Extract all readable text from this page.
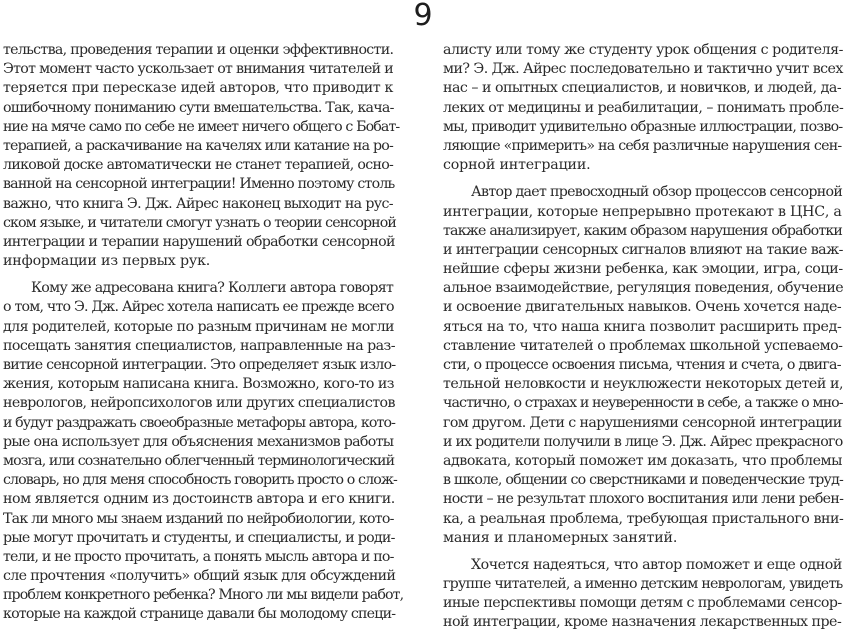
9
тельства, проведения терапии и оценки эффективности.
Этот момент часто ускользает от внимания читателей и
теряется при пересказе идей авторов, что приводит к
ошибочному пониманию сути вмешательства. Так, кача-
ние на мяче само по себе не имеет ничего общего с Бобат-
терапией, а раскачивание на качелях или катание на ро-
ликовой доске автоматически не станет терапией, осно-
ванной на сенсорной интеграции! Именно поэтому столь
важно, что книга Э. Дж. Айрес наконец выходит на рус-
ском языке, и читатели смогут узнать о теории сенсорной
интеграции и терапии нарушений обработки сенсорной
информации из первых рук.
Кому же адресована книга? Коллеги автора говорят
о том, что Э. Дж. Айрес хотела написать ее прежде всего
для родителей, которые по разным причинам не могли
посещать занятия специалистов, направленные на раз-
витие сенсорной интеграции. Это определяет язык изло-
жения, которым написана книга. Возможно, кого-то из
неврологов, нейропсихологов или других специалистов
и будут раздражать своеобразные метафоры автора, кото-
рые она использует для объяснения механизмов работы
мозга, или сознательно облегченный терминологический
словарь, но для меня способность говорить просто о слож-
ном является одним из достоинств автора и его книги.
Так ли много мы знаем изданий по нейробиологии, кото-
рые могут прочитать и студенты, и специалисты, и роди-
тели, и не просто прочитать, а понять мысль автора и по-
сле прочтения «получить» общий язык для обсуждений
проблем конкретного ребенка? Много ли мы видели работ,
которые на каждой странице давали бы молодому специ-
алисту или тому же студенту урок общения с родителя-
ми? Э. Дж. Айрес последовательно и тактично учит всех
нас – и опытных специалистов, и новичков, и людей, да-
леких от медицины и реабилитации, – понимать пробле-
мы, приводит удивительно образные иллюстрации, позво-
ляющие «примерить» на себя различные нарушения сен-
сорной интеграции.
Автор дает превосходный обзор процессов сенсорной
интеграции, которые непрерывно протекают в ЦНС, а
также анализирует, каким образом нарушения обработки
и интеграции сенсорных сигналов влияют на такие важ-
нейшие сферы жизни ребенка, как эмоции, игра, соци-
альное взаимодействие, регуляция поведения, обучение
и освоение двигательных навыков. Очень хочется наде-
яться на то, что наша книга позволит расширить пред-
ставление читателей о проблемах школьной успеваемо-
сти, о процессе освоения письма, чтения и счета, о двига-
тельной неловкости и неуклюжести некоторых детей и,
частично, о страхах и неуверенности в себе, а также о мно-
гом другом. Дети с нарушениями сенсорной интеграции
и их родители получили в лице Э. Дж. Айрес прекрасного
адвоката, который поможет им доказать, что проблемы
в школе, общении со сверстниками и поведенческие труд-
ности – не результат плохого воспитания или лени ребен-
ка, а реальная проблема, требующая пристального вни-
мания и планомерных занятий.
Хочется надеяться, что автор поможет и еще одной
группе читателей, а именно детским неврологам, увидеть
иные перспективы помощи детям с проблемами сенсор-
ной интеграции, кроме назначения лекарственных пре-
